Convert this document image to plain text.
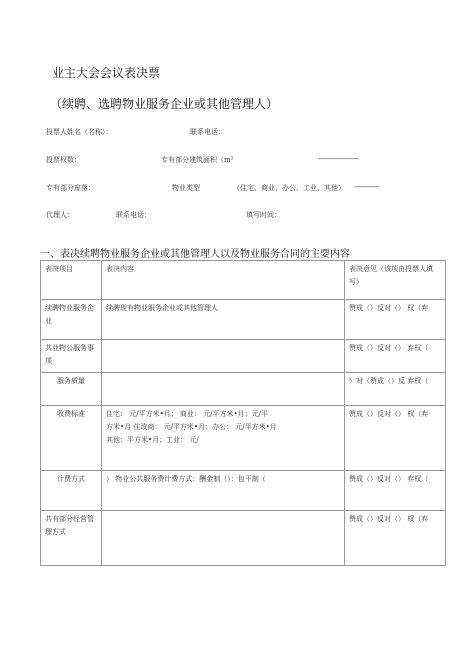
业主大会会议表决票
（续聘、选聘物业服务企业或其他管理人）
投票人姓名（名称）：	联系电话：
投票权数：	专有部分建筑面积（m²	----------------------
专有部分座落：	物业类型	（住宅、商业、办公、工业、其他） -------------
代理人：	联系电话：	填写时间：
一、表决续聘物业服务企业或其他管理人以及物业服务合同的主要内容
表决项目	表决内容	表决意见（该项由投票人填写）
续聘物业服务企业	续聘现有物业服务企业或其他管理人	赞成（）反对（） 权（弃
共业物公服务事项		赞成（）反对（） 弃权（
服务质量		）对（赞成（）反 弃权（
收费标准	住宅： 元/平方米•月； 商业： 元/平方米•月；元/平
方米•月 住改商： 元/平方米•月；办公： 元/平方米•月
其他：平方米•月；工业： 元/	赞成（）反对（） 权（弃
计费方式	） 物业公共服务费计费方式：酬金制（）：包干制（	赞成（）反对（） 弃权（
共有部分经营管理方式		赞成（）反对（） 权（弃
